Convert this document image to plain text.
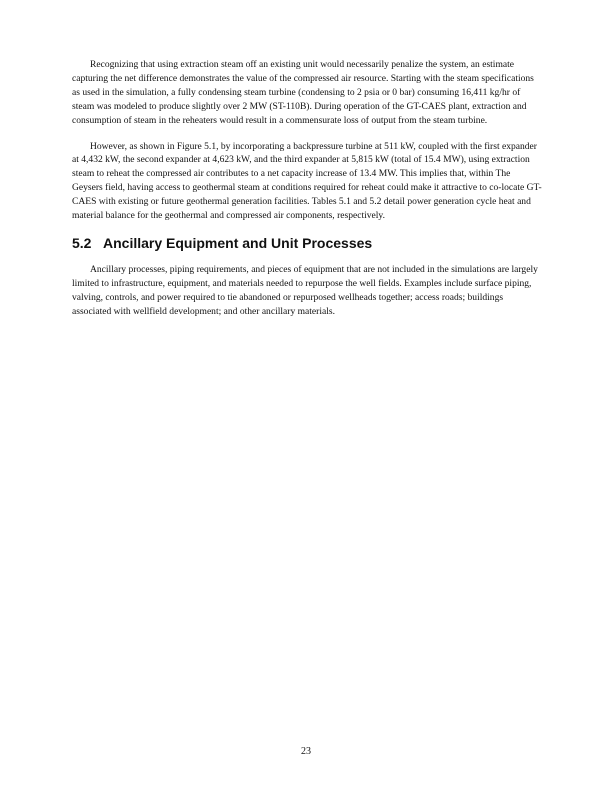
Recognizing that using extraction steam off an existing unit would necessarily penalize the system, an estimate capturing the net difference demonstrates the value of the compressed air resource. Starting with the steam specifications as used in the simulation, a fully condensing steam turbine (condensing to 2 psia or 0 bar) consuming 16,411 kg/hr of steam was modeled to produce slightly over 2 MW (ST-110B). During operation of the GT-CAES plant, extraction and consumption of steam in the reheaters would result in a commensurate loss of output from the steam turbine.

However, as shown in Figure 5.1, by incorporating a backpressure turbine at 511 kW, coupled with the first expander at 4,432 kW, the second expander at 4,623 kW, and the third expander at 5,815 kW (total of 15.4 MW), using extraction steam to reheat the compressed air contributes to a net capacity increase of 13.4 MW. This implies that, within The Geysers field, having access to geothermal steam at conditions required for reheat could make it attractive to co-locate GT-CAES with existing or future geothermal generation facilities. Tables 5.1 and 5.2 detail power generation cycle heat and material balance for the geothermal and compressed air components, respectively.

5.2 Ancillary Equipment and Unit Processes

Ancillary processes, piping requirements, and pieces of equipment that are not included in the simulations are largely limited to infrastructure, equipment, and materials needed to repurpose the well fields. Examples include surface piping, valving, controls, and power required to tie abandoned or repurposed wellheads together; access roads; buildings associated with wellfield development; and other ancillary materials.

23
